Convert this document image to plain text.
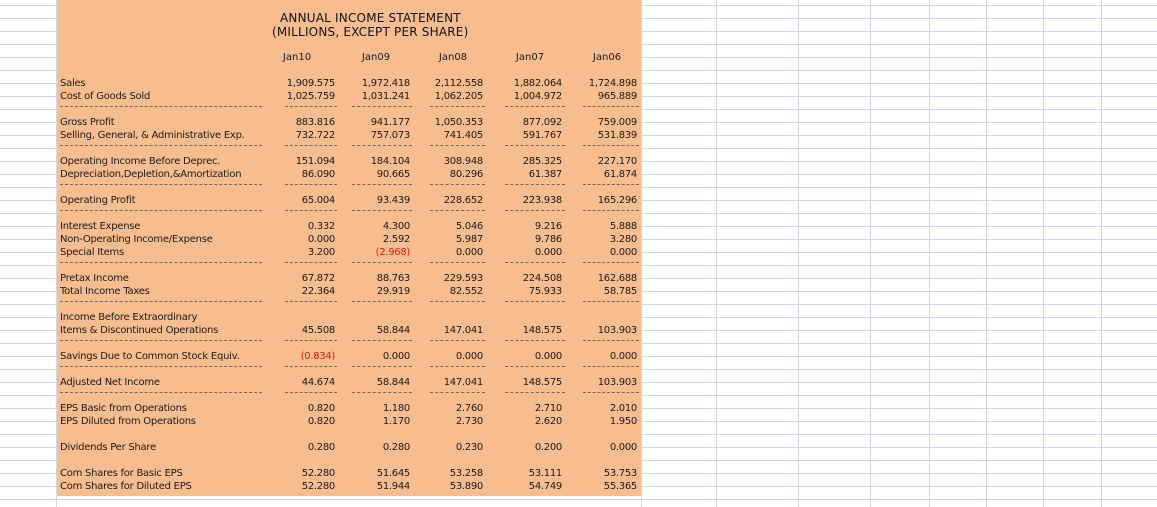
ANNUAL INCOME STATEMENT
(MILLIONS, EXCEPT PER SHARE)
Jan10	Jan09	Jan08	Jan07	Jan06
Sales	1,909.575	1,972.418	2,112.558	1,882.064	1,724.898
Cost of Goods Sold	1,025.759	1,031.241	1,062.205	1,004.972	965.889
Gross Profit	883.816	941.177	1,050.353	877.092	759.009
Selling, General, & Administrative Exp.	732.722	757.073	741.405	591.767	531.839
Operating Income Before Deprec.	151.094	184.104	308.948	285.325	227.170
Depreciation,Depletion,&Amortization	86.090	90.665	80.296	61.387	61.874
Operating Profit	65.004	93.439	228.652	223.938	165.296
Interest Expense	0.332	4.300	5.046	9.216	5.888
Non-Operating Income/Expense	0.000	2.592	5.987	9.786	3.280
Special Items	3.200	(2.968)	0.000	0.000	0.000
Pretax Income	67.872	88.763	229.593	224.508	162.688
Total Income Taxes	22.364	29.919	82.552	75.933	58.785
Income Before Extraordinary
Items & Discontinued Operations	45.508	58.844	147.041	148.575	103.903
Savings Due to Common Stock Equiv.	(0.834)	0.000	0.000	0.000	0.000
Adjusted Net Income	44.674	58.844	147.041	148.575	103.903
EPS Basic from Operations	0.820	1.180	2.760	2.710	2.010
EPS Diluted from Operations	0.820	1.170	2.730	2.620	1.950
Dividends Per Share	0.280	0.280	0.230	0.200	0.000
Com Shares for Basic EPS	52.280	51.645	53.258	53.111	53.753
Com Shares for Diluted EPS	52.280	51.944	53.890	54.749	55.365
